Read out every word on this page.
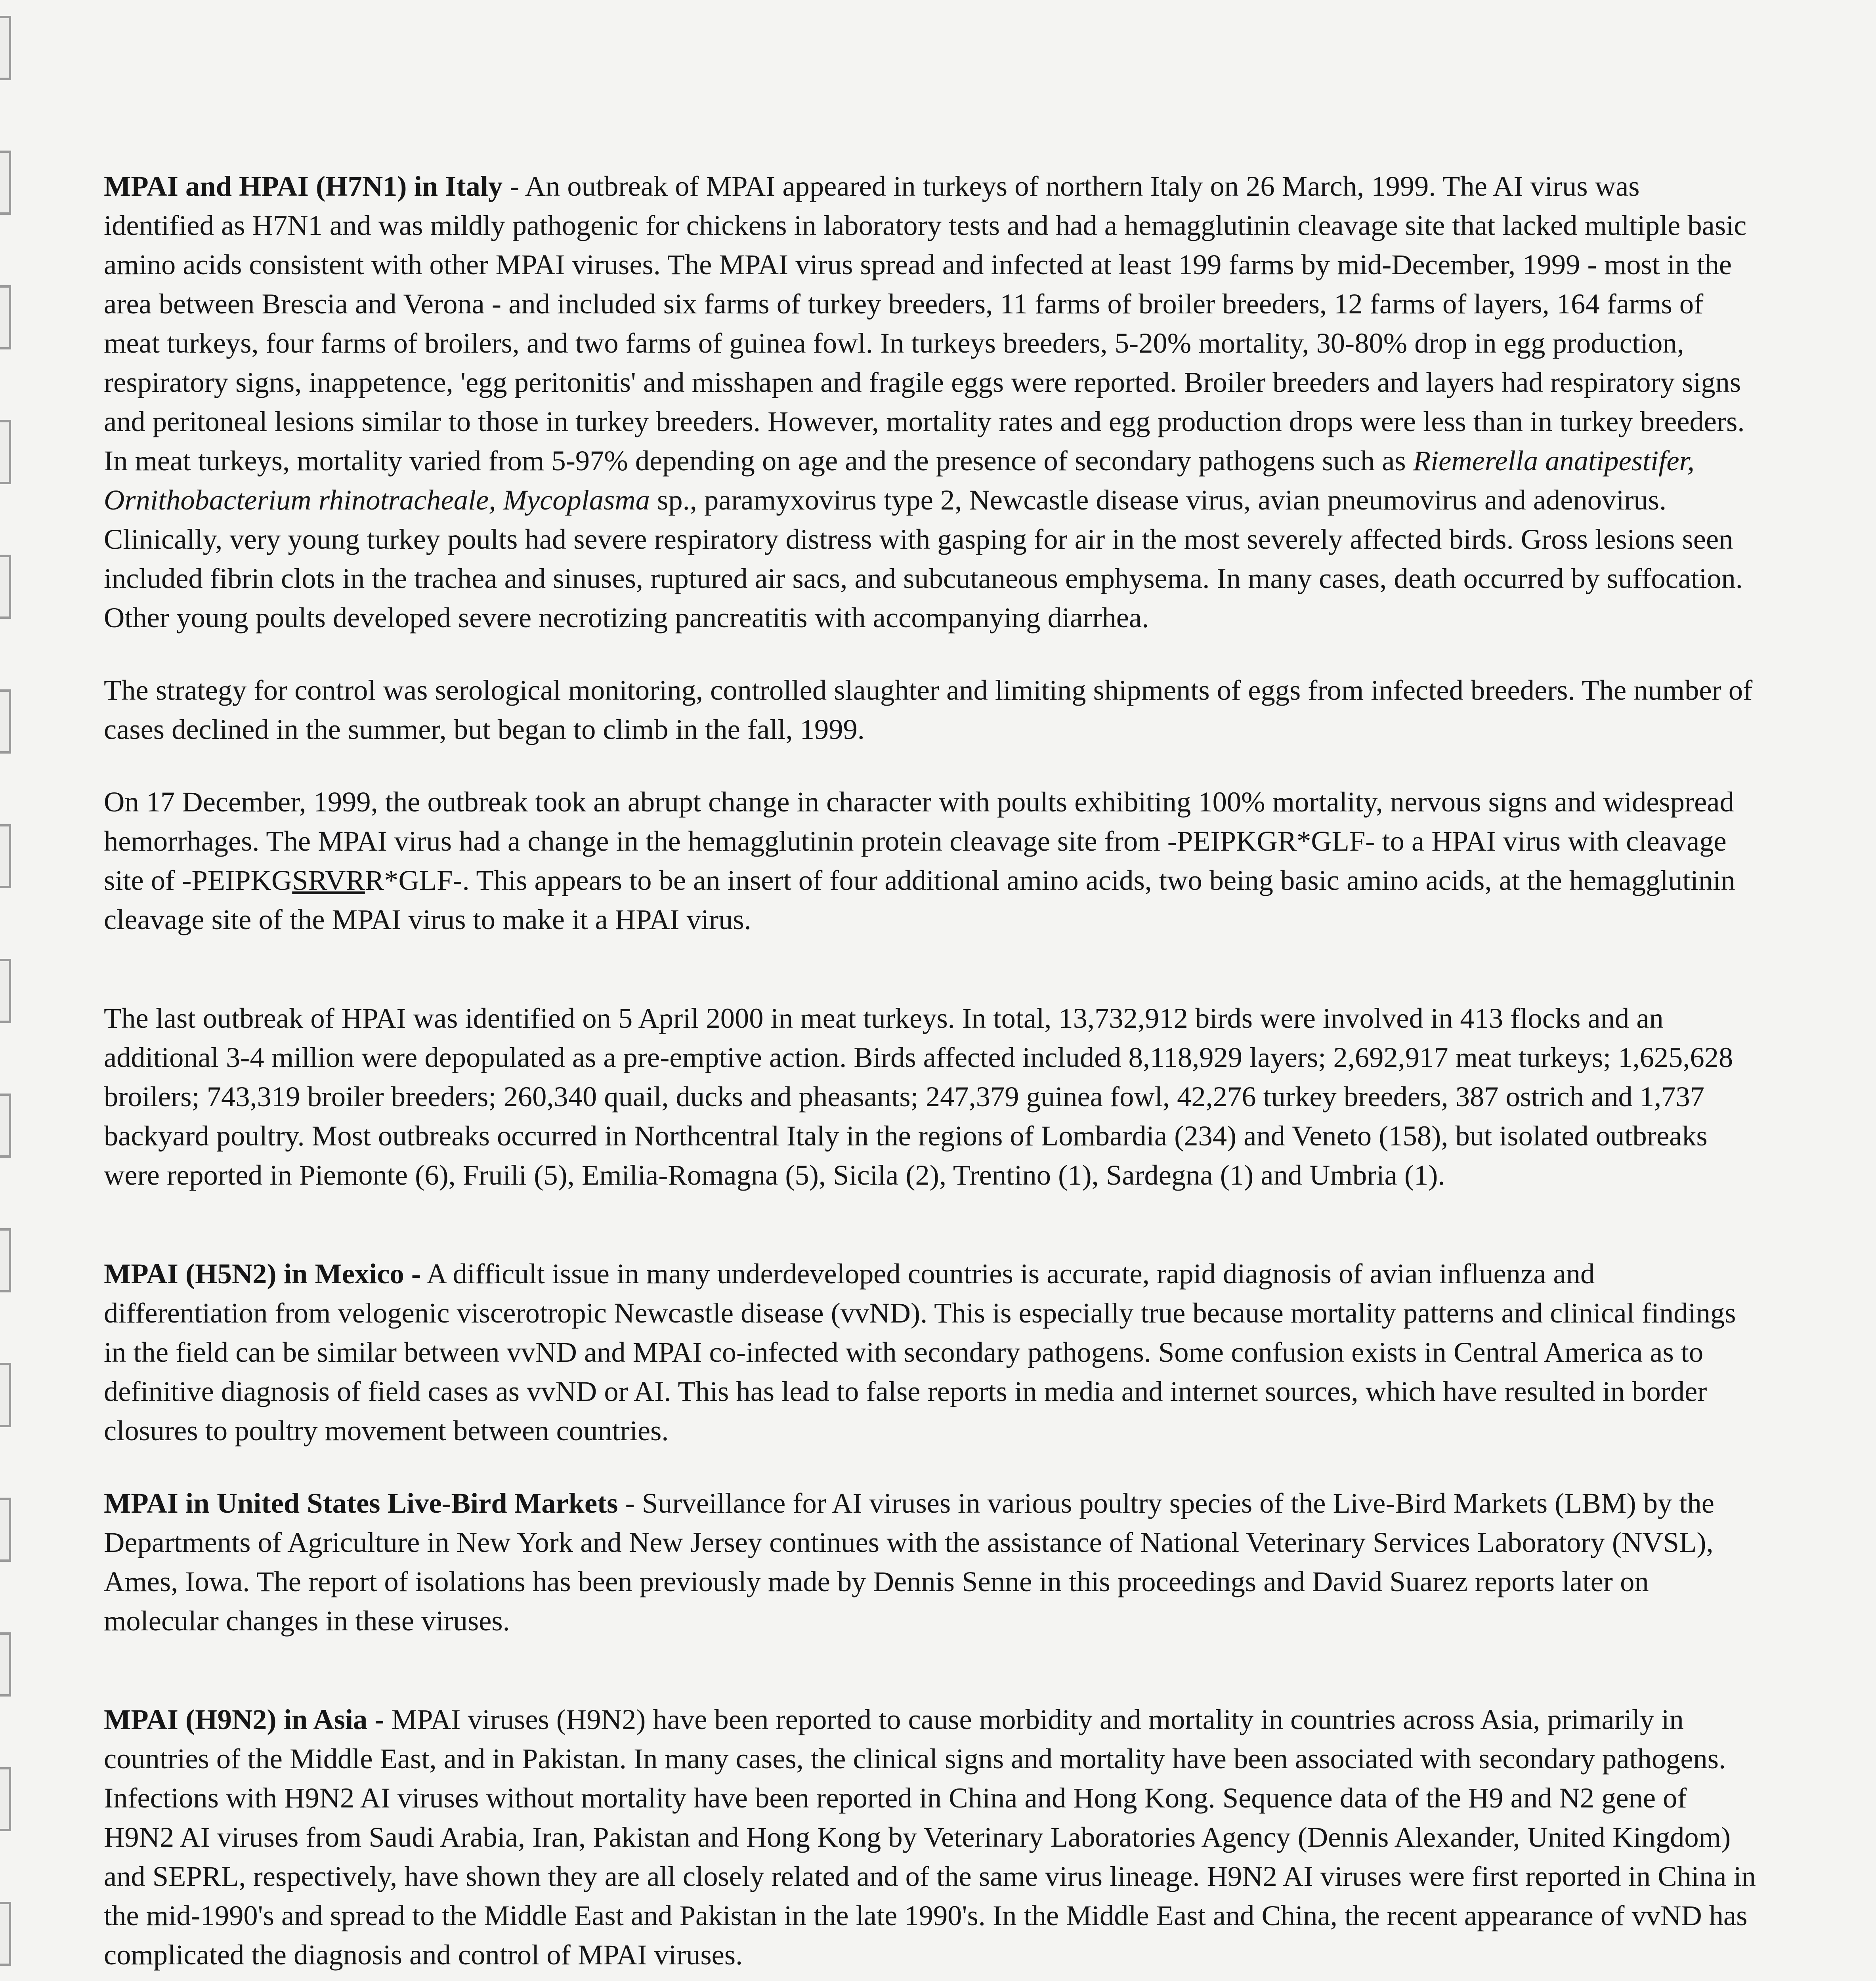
MPAI and HPAI (H7N1) in Italy - An outbreak of MPAI appeared in turkeys of northern Italy on 26 March, 1999. The AI virus was identified as H7N1 and was mildly pathogenic for chickens in laboratory tests and had a hemagglutinin cleavage site that lacked multiple basic amino acids consistent with other MPAI viruses. The MPAI virus spread and infected at least 199 farms by mid-December, 1999 - most in the area between Brescia and Verona - and included six farms of turkey breeders, 11 farms of broiler breeders, 12 farms of layers, 164 farms of meat turkeys, four farms of broilers, and two farms of guinea fowl. In turkeys breeders, 5-20% mortality, 30-80% drop in egg production, respiratory signs, inappetence, 'egg peritonitis' and misshapen and fragile eggs were reported. Broiler breeders and layers had respiratory signs and peritoneal lesions similar to those in turkey breeders. However, mortality rates and egg production drops were less than in turkey breeders. In meat turkeys, mortality varied from 5-97% depending on age and the presence of secondary pathogens such as Riemerella anatipestifer, Ornithobacterium rhinotracheale, Mycoplasma sp., paramyxovirus type 2, Newcastle disease virus, avian pneumovirus and adenovirus. Clinically, very young turkey poults had severe respiratory distress with gasping for air in the most severely affected birds. Gross lesions seen included fibrin clots in the trachea and sinuses, ruptured air sacs, and subcutaneous emphysema. In many cases, death occurred by suffocation. Other young poults developed severe necrotizing pancreatitis with accompanying diarrhea.

The strategy for control was serological monitoring, controlled slaughter and limiting shipments of eggs from infected breeders. The number of cases declined in the summer, but began to climb in the fall, 1999.

On 17 December, 1999, the outbreak took an abrupt change in character with poults exhibiting 100% mortality, nervous signs and widespread hemorrhages. The MPAI virus had a change in the hemagglutinin protein cleavage site from -PEIPKGR*GLF- to a HPAI virus with cleavage site of -PEIPKGSRVRR*GLF-. This appears to be an insert of four additional amino acids, two being basic amino acids, at the hemagglutinin cleavage site of the MPAI virus to make it a HPAI virus.

The last outbreak of HPAI was identified on 5 April 2000 in meat turkeys. In total, 13,732,912 birds were involved in 413 flocks and an additional 3-4 million were depopulated as a pre-emptive action. Birds affected included 8,118,929 layers; 2,692,917 meat turkeys; 1,625,628 broilers; 743,319 broiler breeders; 260,340 quail, ducks and pheasants; 247,379 guinea fowl, 42,276 turkey breeders, 387 ostrich and 1,737 backyard poultry. Most outbreaks occurred in Northcentral Italy in the regions of Lombardia (234) and Veneto (158), but isolated outbreaks were reported in Piemonte (6), Fruili (5), Emilia-Romagna (5), Sicila (2), Trentino (1), Sardegna (1) and Umbria (1).

MPAI (H5N2) in Mexico - A difficult issue in many underdeveloped countries is accurate, rapid diagnosis of avian influenza and differentiation from velogenic viscerotropic Newcastle disease (vvND). This is especially true because mortality patterns and clinical findings in the field can be similar between vvND and MPAI co-infected with secondary pathogens. Some confusion exists in Central America as to definitive diagnosis of field cases as vvND or AI. This has lead to false reports in media and internet sources, which have resulted in border closures to poultry movement between countries.

MPAI in United States Live-Bird Markets - Surveillance for AI viruses in various poultry species of the Live-Bird Markets (LBM) by the Departments of Agriculture in New York and New Jersey continues with the assistance of National Veterinary Services Laboratory (NVSL), Ames, Iowa. The report of isolations has been previously made by Dennis Senne in this proceedings and David Suarez reports later on molecular changes in these viruses.

MPAI (H9N2) in Asia - MPAI viruses (H9N2) have been reported to cause morbidity and mortality in countries across Asia, primarily in countries of the Middle East, and in Pakistan. In many cases, the clinical signs and mortality have been associated with secondary pathogens. Infections with H9N2 AI viruses without mortality have been reported in China and Hong Kong. Sequence data of the H9 and N2 gene of H9N2 AI viruses from Saudi Arabia, Iran, Pakistan and Hong Kong by Veterinary Laboratories Agency (Dennis Alexander, United Kingdom) and SEPRL, respectively, have shown they are all closely related and of the same virus lineage. H9N2 AI viruses were first reported in China in the mid-1990's and spread to the Middle East and Pakistan in the late 1990's. In the Middle East and China, the recent appearance of vvND has complicated the diagnosis and control of MPAI viruses.
